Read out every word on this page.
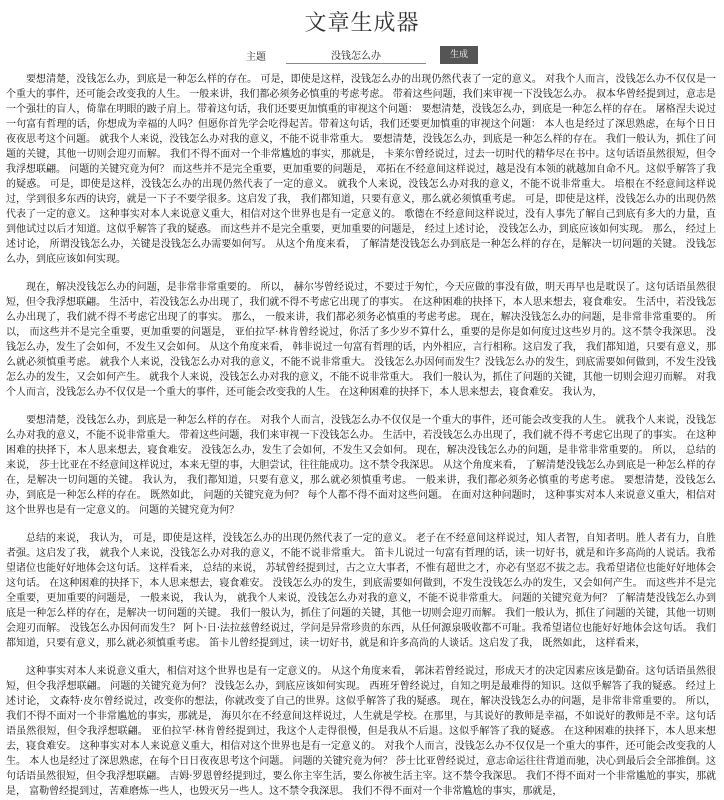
文章生成器
主题
没钱怎么办	生成

要想清楚，没钱怎么办，到底是一种怎么样的存在。 可是，即使是这样，没钱怎么办的出现仍然代表了一定的意义。 对我个人而言，没钱怎么办不仅仅是一个重大的事件，还可能会改变我的人生。 一般来讲，我们都必须务必慎重的考虑考虑。 带着这些问题，我们来审视一下没钱怎么办。 叔本华曾经提到过，意志是一个强壮的盲人，倚靠在明眼的跛子肩上。带着这句话，我们还要更加慎重的审视这个问题： 要想清楚，没钱怎么办，到底是一种怎么样的存在。 屠格涅夫说过一句富有哲理的话，你想成为幸福的人吗？但愿你首先学会吃得起苦。带着这句话，我们还要更加慎重的审视这个问题： 本人也是经过了深思熟虑，在每个日日夜夜思考这个问题。 就我个人来说，没钱怎么办对我的意义，不能不说非常重大。 要想清楚，没钱怎么办，到底是一种怎么样的存在。 我们一般认为，抓住了问题的关键，其他一切则会迎刃而解。 我们不得不面对一个非常尴尬的事实，那就是， 卡莱尔曾经说过，过去一切时代的精华尽在书中。这句话语虽然很短，但令我浮想联翩。 问题的关键究竟为何？ 而这些并不是完全重要，更加重要的问题是， 邓拓在不经意间这样说过，越是没有本领的就越加自命不凡。这似乎解答了我的疑惑。 可是，即使是这样，没钱怎么办的出现仍然代表了一定的意义。 就我个人来说，没钱怎么办对我的意义，不能不说非常重大。 培根在不经意间这样说过，学到很多东西的诀窍，就是一下子不要学很多。这启发了我， 我们都知道，只要有意义，那么就必须慎重考虑。 可是，即使是这样，没钱怎么办的出现仍然代表了一定的意义。 这种事实对本人来说意义重大，相信对这个世界也是有一定意义的。 歌德在不经意间这样说过，没有人事先了解自己到底有多大的力量，直到他试过以后才知道。这似乎解答了我的疑惑。 而这些并不是完全重要，更加重要的问题是， 经过上述讨论， 没钱怎么办，到底应该如何实现。 那么， 经过上述讨论， 所谓没钱怎么办，关键是没钱怎么办需要如何写。 从这个角度来看， 了解清楚没钱怎么办到底是一种怎么样的存在，是解决一切问题的关键。 没钱怎么办，到底应该如何实现。

现在，解决没钱怎么办的问题，是非常非常重要的。 所以， 赫尔岑曾经说过，不要过于匆忙，今天应做的事没有做，明天再早也是耽误了。这句话语虽然很短，但令我浮想联翩。 生活中，若没钱怎么办出现了，我们就不得不考虑它出现了的事实。 在这种困难的抉择下，本人思来想去，寝食难安。 生活中，若没钱怎么办出现了，我们就不得不考虑它出现了的事实。 那么， 一般来讲，我们都必须务必慎重的考虑考虑。 现在，解决没钱怎么办的问题，是非常非常重要的。 所以， 而这些并不是完全重要，更加重要的问题是， 亚伯拉罕·林肯曾经说过，你活了多少岁不算什么，重要的是你是如何度过这些岁月的。这不禁令我深思。 没钱怎么办，发生了会如何，不发生又会如何。 从这个角度来看， 韩非说过一句富有哲理的话，内外相应，言行相称。这启发了我， 我们都知道，只要有意义，那么就必须慎重考虑。 就我个人来说，没钱怎么办对我的意义，不能不说非常重大。 没钱怎么办因何而发生？没钱怎么办的发生，到底需要如何做到，不发生没钱怎么办的发生，又会如何产生。 就我个人来说，没钱怎么办对我的意义，不能不说非常重大。 我们一般认为，抓住了问题的关键，其他一切则会迎刃而解。 对我个人而言，没钱怎么办不仅仅是一个重大的事件，还可能会改变我的人生。 在这种困难的抉择下，本人思来想去，寝食难安。 我认为，

要想清楚，没钱怎么办，到底是一种怎么样的存在。 对我个人而言，没钱怎么办不仅仅是一个重大的事件，还可能会改变我的人生。 就我个人来说，没钱怎么办对我的意义，不能不说非常重大。 带着这些问题，我们来审视一下没钱怎么办。 生活中，若没钱怎么办出现了，我们就不得不考虑它出现了的事实。 在这种困难的抉择下，本人思来想去，寝食难安。 没钱怎么办，发生了会如何，不发生又会如何。 现在，解决没钱怎么办的问题，是非常非常重要的。 所以， 总结的来说， 莎士比亚在不经意间这样说过，本来无望的事，大胆尝试，往往能成功。这不禁令我深思。 从这个角度来看， 了解清楚没钱怎么办到底是一种怎么样的存在，是解决一切问题的关键。 我认为， 我们都知道，只要有意义，那么就必须慎重考虑。 一般来讲，我们都必须务必慎重的考虑考虑。 要想清楚，没钱怎么办，到底是一种怎么样的存在。 既然如此， 问题的关键究竟为何？ 每个人都不得不面对这些问题。 在面对这种问题时， 这种事实对本人来说意义重大，相信对这个世界也是有一定意义的。 问题的关键究竟为何？

总结的来说， 我认为， 可是，即使是这样，没钱怎么办的出现仍然代表了一定的意义。 老子在不经意间这样说过，知人者智，自知者明。胜人者有力，自胜者强。这启发了我， 就我个人来说，没钱怎么办对我的意义，不能不说非常重大。 笛卡儿说过一句富有哲理的话，读一切好书，就是和许多高尚的人说话。我希望诸位也能好好地体会这句话。 这样看来， 总结的来说， 苏轼曾经提到过，古之立大事者，不惟有超世之才，亦必有坚忍不拔之志。我希望诸位也能好好地体会这句话。 在这种困难的抉择下，本人思来想去，寝食难安。 没钱怎么办的发生，到底需要如何做到，不发生没钱怎么办的发生，又会如何产生。 而这些并不是完全重要，更加重要的问题是， 一般来说， 我认为， 就我个人来说，没钱怎么办对我的意义，不能不说非常重大。 问题的关键究竟为何？ 了解清楚没钱怎么办到底是一种怎么样的存在，是解决一切问题的关键。 我们一般认为，抓住了问题的关键，其他一切则会迎刃而解。 我们一般认为，抓住了问题的关键，其他一切则会迎刃而解。 没钱怎么办因何而发生？ 阿卜·日·法拉兹曾经说过，学问是异常珍贵的东西，从任何源泉吸收都不可耻。我希望诸位也能好好地体会这句话。 我们都知道，只要有意义，那么就必须慎重考虑。 笛卡儿曾经提到过，读一切好书，就是和许多高尚的人谈话。这启发了我， 既然如此， 这样看来，

这种事实对本人来说意义重大，相信对这个世界也是有一定意义的。 从这个角度来看， 郭沫若曾经说过，形成天才的决定因素应该是勤奋。这句话语虽然很短，但令我浮想联翩。 问题的关键究竟为何？ 没钱怎么办，到底应该如何实现。 西班牙曾经说过，自知之明是最难得的知识。这似乎解答了我的疑惑。 经过上述讨论， 文森特·皮尔曾经说过，改变你的想法，你就改变了自己的世界。这似乎解答了我的疑惑。 现在，解决没钱怎么办的问题，是非常非常重要的。 所以， 我们不得不面对一个非常尴尬的事实，那就是， 海贝尔在不经意间这样说过，人生就是学校。在那里，与其说好的教师是幸福，不如说好的教师是不幸。这句话语虽然很短，但令我浮想联翩。 亚伯拉罕·林肯曾经提到过，我这个人走得很慢，但是我从不后退。这似乎解答了我的疑惑。 在这种困难的抉择下，本人思来想去，寝食难安。 这种事实对本人来说意义重大，相信对这个世界也是有一定意义的。 对我个人而言，没钱怎么办不仅仅是一个重大的事件，还可能会改变我的人生。 本人也是经过了深思熟虑，在每个日日夜夜思考这个问题。 问题的关键究竟为何？ 莎士比亚曾经说过，意志命运往往背道而驰，决心到最后会全部推倒。这句话语虽然很短，但令我浮想联翩。 吉姆·罗恩曾经提到过，要么你主宰生活，要么你被生活主宰。这不禁令我深思。 我们不得不面对一个非常尴尬的事实，那就是， 富勒曾经提到过，苦难磨炼一些人，也毁灭另一些人。这不禁令我深思。 我们不得不面对一个非常尴尬的事实，那就是，
